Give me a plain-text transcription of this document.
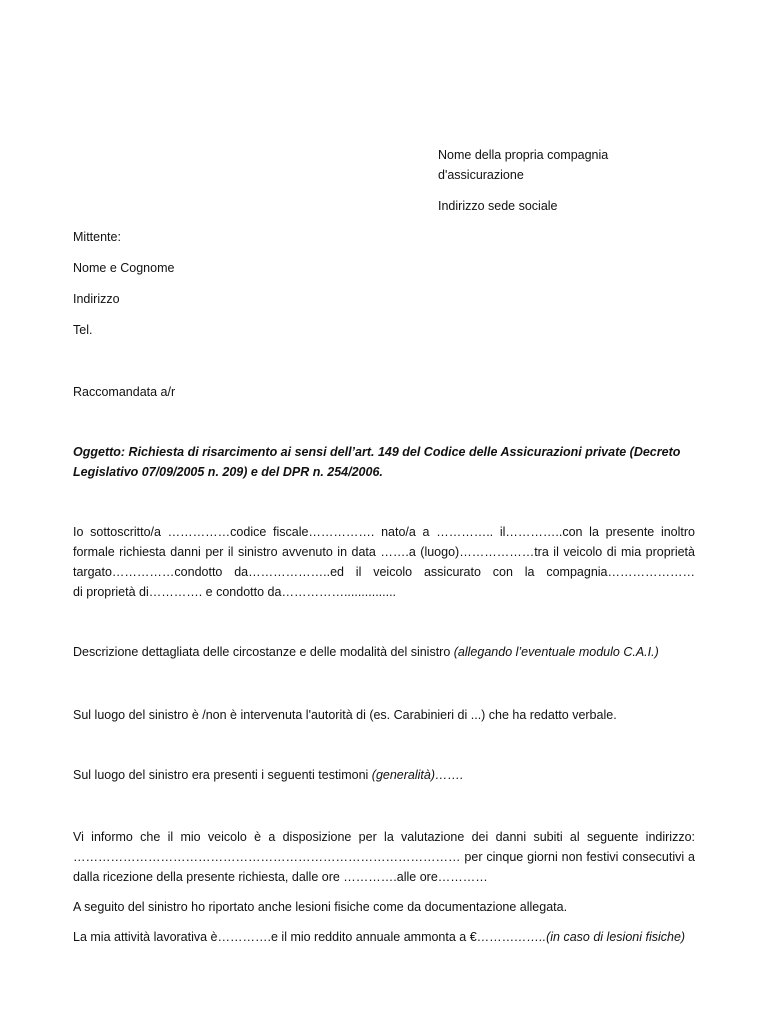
Nome della propria compagnia
d'assicurazione
Indirizzo sede sociale
Mittente:
Nome e Cognome
Indirizzo
Tel.
Raccomandata a/r
Oggetto: Richiesta di risarcimento ai sensi dell’art. 149 del Codice delle Assicurazioni private (Decreto
Legislativo 07/09/2005 n. 209) e del DPR n. 254/2006.
Io sottoscritto/a ……………codice fiscale……………. nato/a a ………….. il…………..con la presente inoltro
formale richiesta danni per il sinistro avvenuto in data …….a (luogo)………………tra il veicolo di mia proprietà
targato……………condotto da………………..ed il veicolo assicurato con la compagnia…………………
di proprietà di…………. e condotto da……………...............
Descrizione dettagliata delle circostanze e delle modalità del sinistro (allegando l’eventuale modulo C.A.I.)
Sul luogo del sinistro è /non è intervenuta l'autorità di (es. Carabinieri di ...) che ha redatto verbale.
Sul luogo del sinistro era presenti i seguenti testimoni (generalità)…….
Vi informo che il mio veicolo è a disposizione per la valutazione dei danni subiti al seguente indirizzo:
………………………………………………………………………………… per cinque giorni non festivi consecutivi a
dalla ricezione della presente richiesta, dalle ore ………….alle ore…………
A seguito del sinistro ho riportato anche lesioni fisiche come da documentazione allegata.
La mia attività lavorativa è………….e il mio reddito annuale ammonta a €……………..(in caso di lesioni fisiche)
